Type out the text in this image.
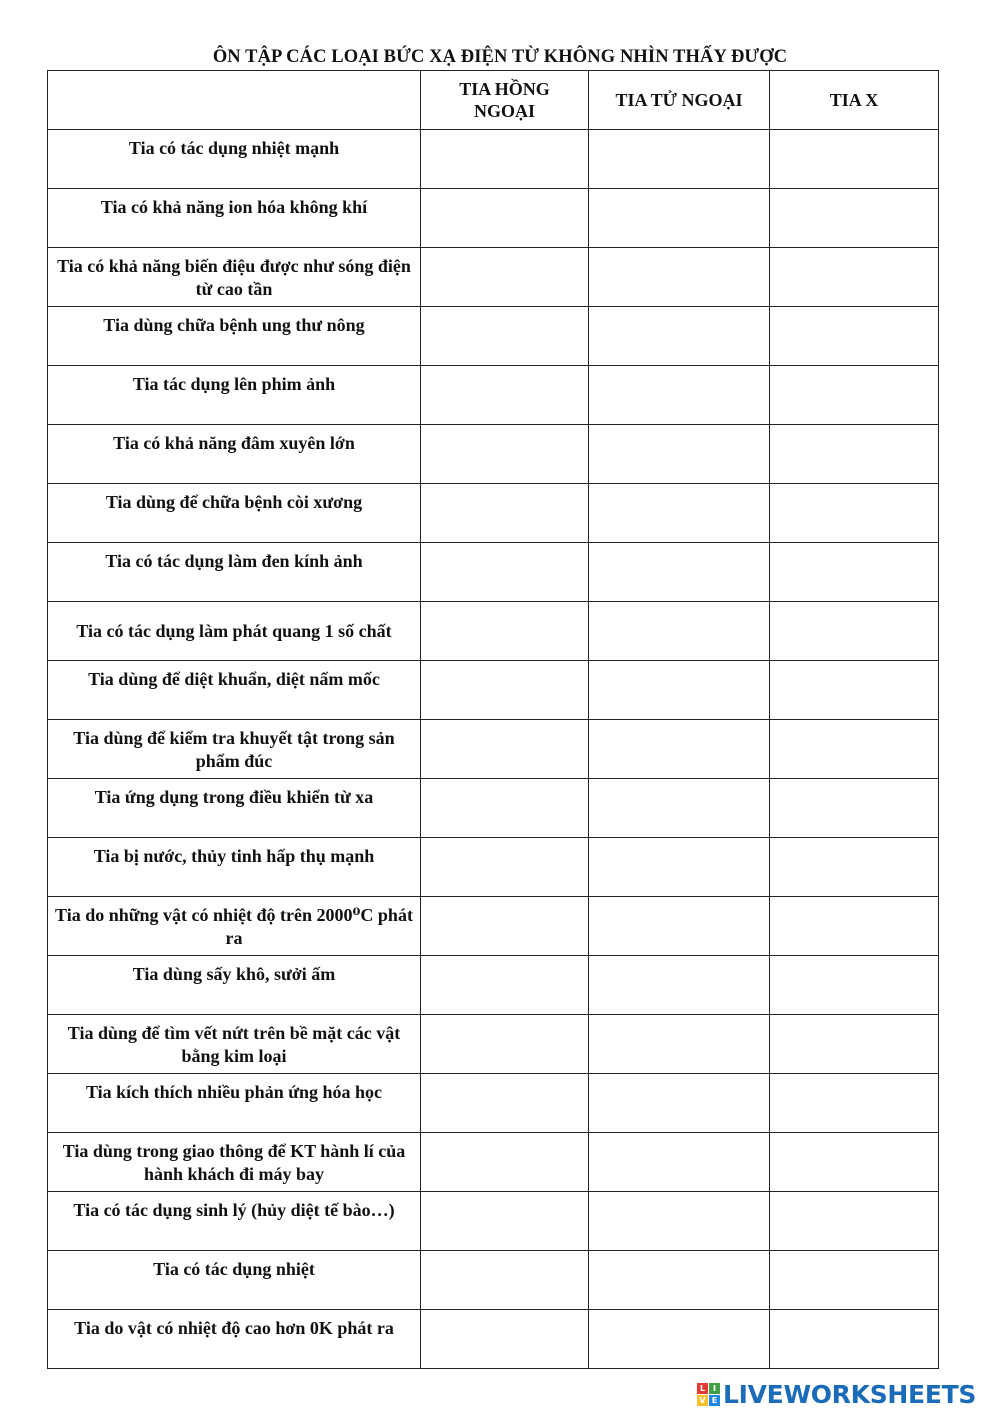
ÔN TẬP CÁC LOẠI BỨC XẠ ĐIỆN TỪ KHÔNG NHÌN THẤY ĐƯỢC
	TIA HỒNG NGOẠI	TIA TỬ NGOẠI	TIA X
Tia có tác dụng nhiệt mạnh			
Tia có khả năng ion hóa không khí			
Tia có khả năng biến điệu được như sóng điện từ cao tần			
Tia dùng chữa bệnh ung thư nông			
Tia tác dụng lên phim ảnh			
Tia có khả năng đâm xuyên lớn			
Tia dùng để chữa bệnh còi xương			
Tia có tác dụng làm đen kính ảnh			
Tia có tác dụng làm phát quang 1 số chất			
Tia dùng để diệt khuẩn, diệt nấm mốc			
Tia dùng để kiểm tra khuyết tật trong sản phẩm đúc			
Tia ứng dụng trong điều khiển từ xa			
Tia bị nước, thủy tinh hấp thụ mạnh			
Tia do những vật có nhiệt độ trên 2000⁰C phát ra			
Tia dùng sấy khô, sưởi ấm			
Tia dùng để tìm vết nứt trên bề mặt các vật bằng kim loại			
Tia kích thích nhiều phản ứng hóa học			
Tia dùng trong giao thông để KT hành lí của hành khách đi máy bay			
Tia có tác dụng sinh lý (hủy diệt tế bào…)			
Tia có tác dụng nhiệt			
Tia do vật có nhiệt độ cao hơn 0K phát ra			
L I
V E LIVEWORKSHEETS
